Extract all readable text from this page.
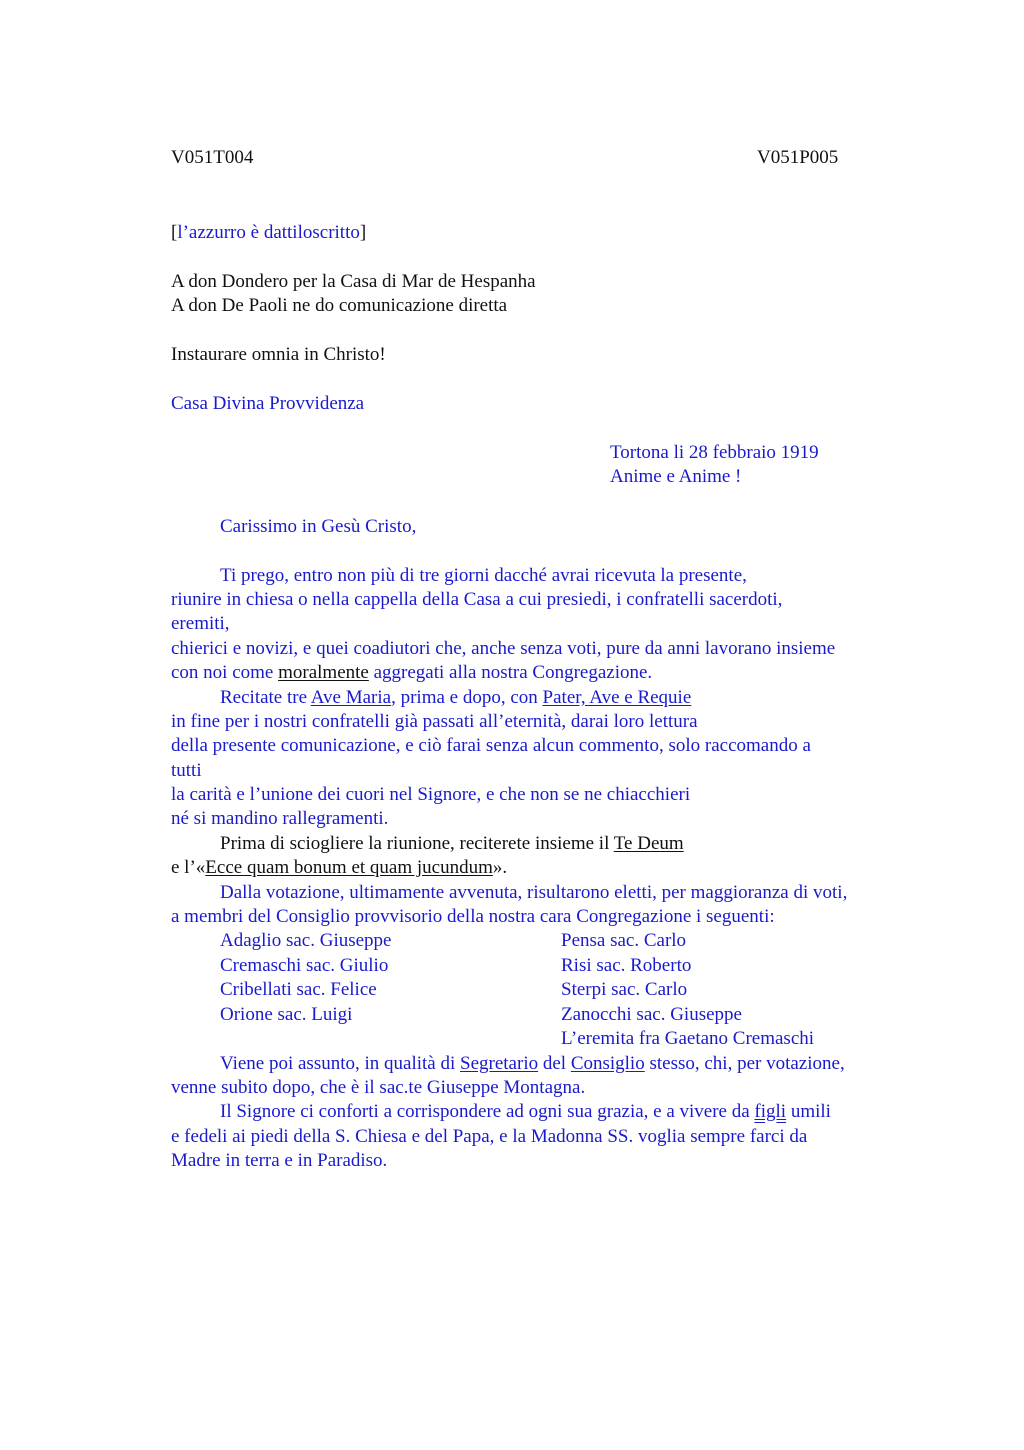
V051T004	V051P005
[l’azzurro è dattiloscritto]
A don Dondero per la Casa di Mar de Hespanha
A don De Paoli ne do comunicazione diretta
Instaurare omnia in Christo!
Casa Divina Provvidenza
Tortona li 28 febbraio 1919
Anime e Anime !
Carissimo in Gesù Cristo,
Ti prego, entro non più di tre giorni dacché avrai ricevuta la presente,
riunire in chiesa o nella cappella della Casa a cui presiedi, i confratelli sacerdoti,
eremiti,
chierici e novizi, e quei coadiutori che, anche senza voti, pure da anni lavorano insieme
con noi come moralmente aggregati alla nostra Congregazione.
Recitate tre Ave Maria, prima e dopo, con Pater, Ave e Requie
in fine per i nostri confratelli già passati all’eternità, darai loro lettura
della presente comunicazione, e ciò farai senza alcun commento, solo raccomando a
tutti
la carità e l’unione dei cuori nel Signore, e che non se ne chiacchieri
né si mandino rallegramenti.
Prima di sciogliere la riunione, reciterete insieme il Te Deum
e l’«Ecce quam bonum et quam jucundum».
Dalla votazione, ultimamente avvenuta, risultarono eletti, per maggioranza di voti,
a membri del Consiglio provvisorio della nostra cara Congregazione i seguenti:
Adaglio sac. Giuseppe
Cremaschi sac. Giulio
Cribellati sac. Felice
Orione sac. Luigi
Pensa sac. Carlo
Risi sac. Roberto
Sterpi sac. Carlo
Zanocchi sac. Giuseppe
L’eremita fra Gaetano Cremaschi
Viene poi assunto, in qualità di Segretario del Consiglio stesso, chi, per votazione,
venne subito dopo, che è il sac.te Giuseppe Montagna.
Il Signore ci conforti a corrispondere ad ogni sua grazia, e a vivere da figli umili
e fedeli ai piedi della S. Chiesa e del Papa, e la Madonna SS. voglia sempre farci da
Madre in terra e in Paradiso.
